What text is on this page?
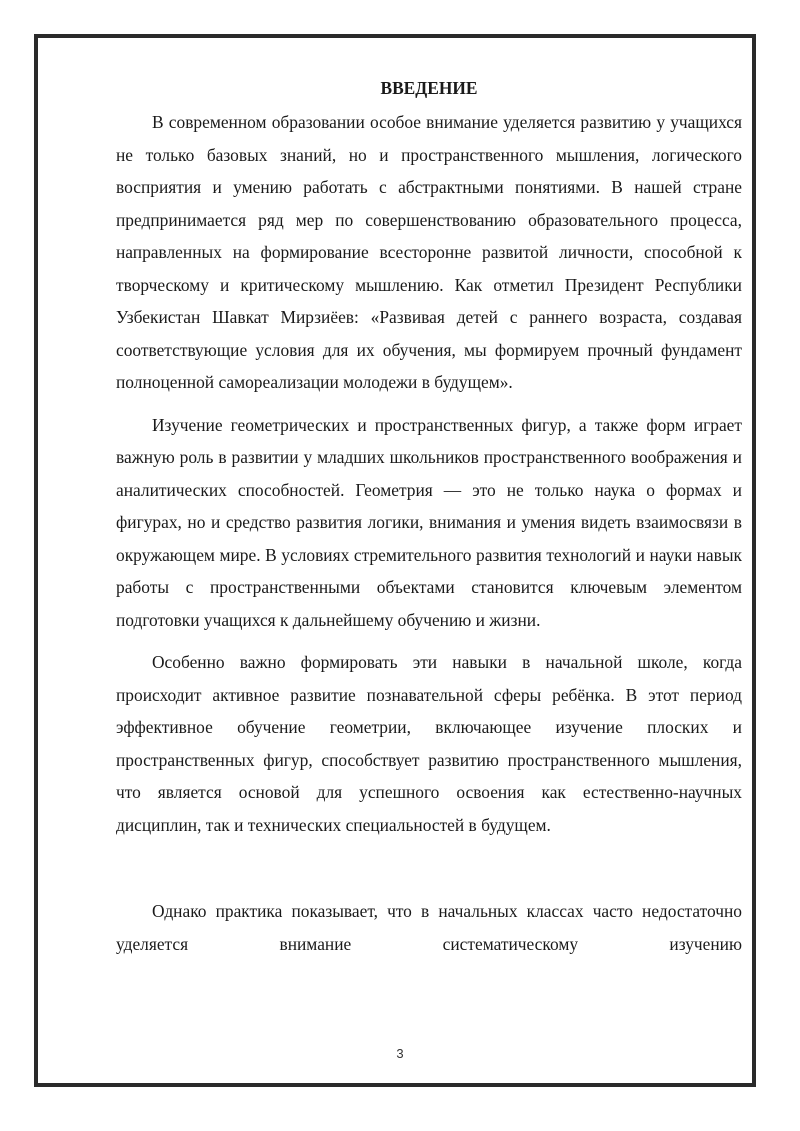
ВВЕДЕНИЕ

В современном образовании особое внимание уделяется развитию у учащихся не только базовых знаний, но и пространственного мышления, логического восприятия и умению работать с абстрактными понятиями. В нашей стране предпринимается ряд мер по совершенствованию образовательного процесса, направленных на формирование всесторонне развитой личности, способной к творческому и критическому мышлению. Как отметил Президент Республики Узбекистан Шавкат Мирзиёев: «Развивая детей с раннего возраста, создавая соответствующие условия для их обучения, мы формируем прочный фундамент полноценной самореализации молодежи в будущем».

Изучение геометрических и пространственных фигур, а также форм играет важную роль в развитии у младших школьников пространственного воображения и аналитических способностей. Геометрия — это не только наука о формах и фигурах, но и средство развития логики, внимания и умения видеть взаимосвязи в окружающем мире. В условиях стремительного развития технологий и науки навык работы с пространственными объектами становится ключевым элементом подготовки учащихся к дальнейшему обучению и жизни.

Особенно важно формировать эти навыки в начальной школе, когда происходит активное развитие познавательной сферы ребёнка. В этот период эффективное обучение геометрии, включающее изучение плоских и пространственных фигур, способствует развитию пространственного мышления, что является основой для успешного освоения как естественно-научных дисциплин, так и технических специальностей в будущем.

Однако практика показывает, что в начальных классах часто недостаточно уделяется внимание систематическому изучению

3
